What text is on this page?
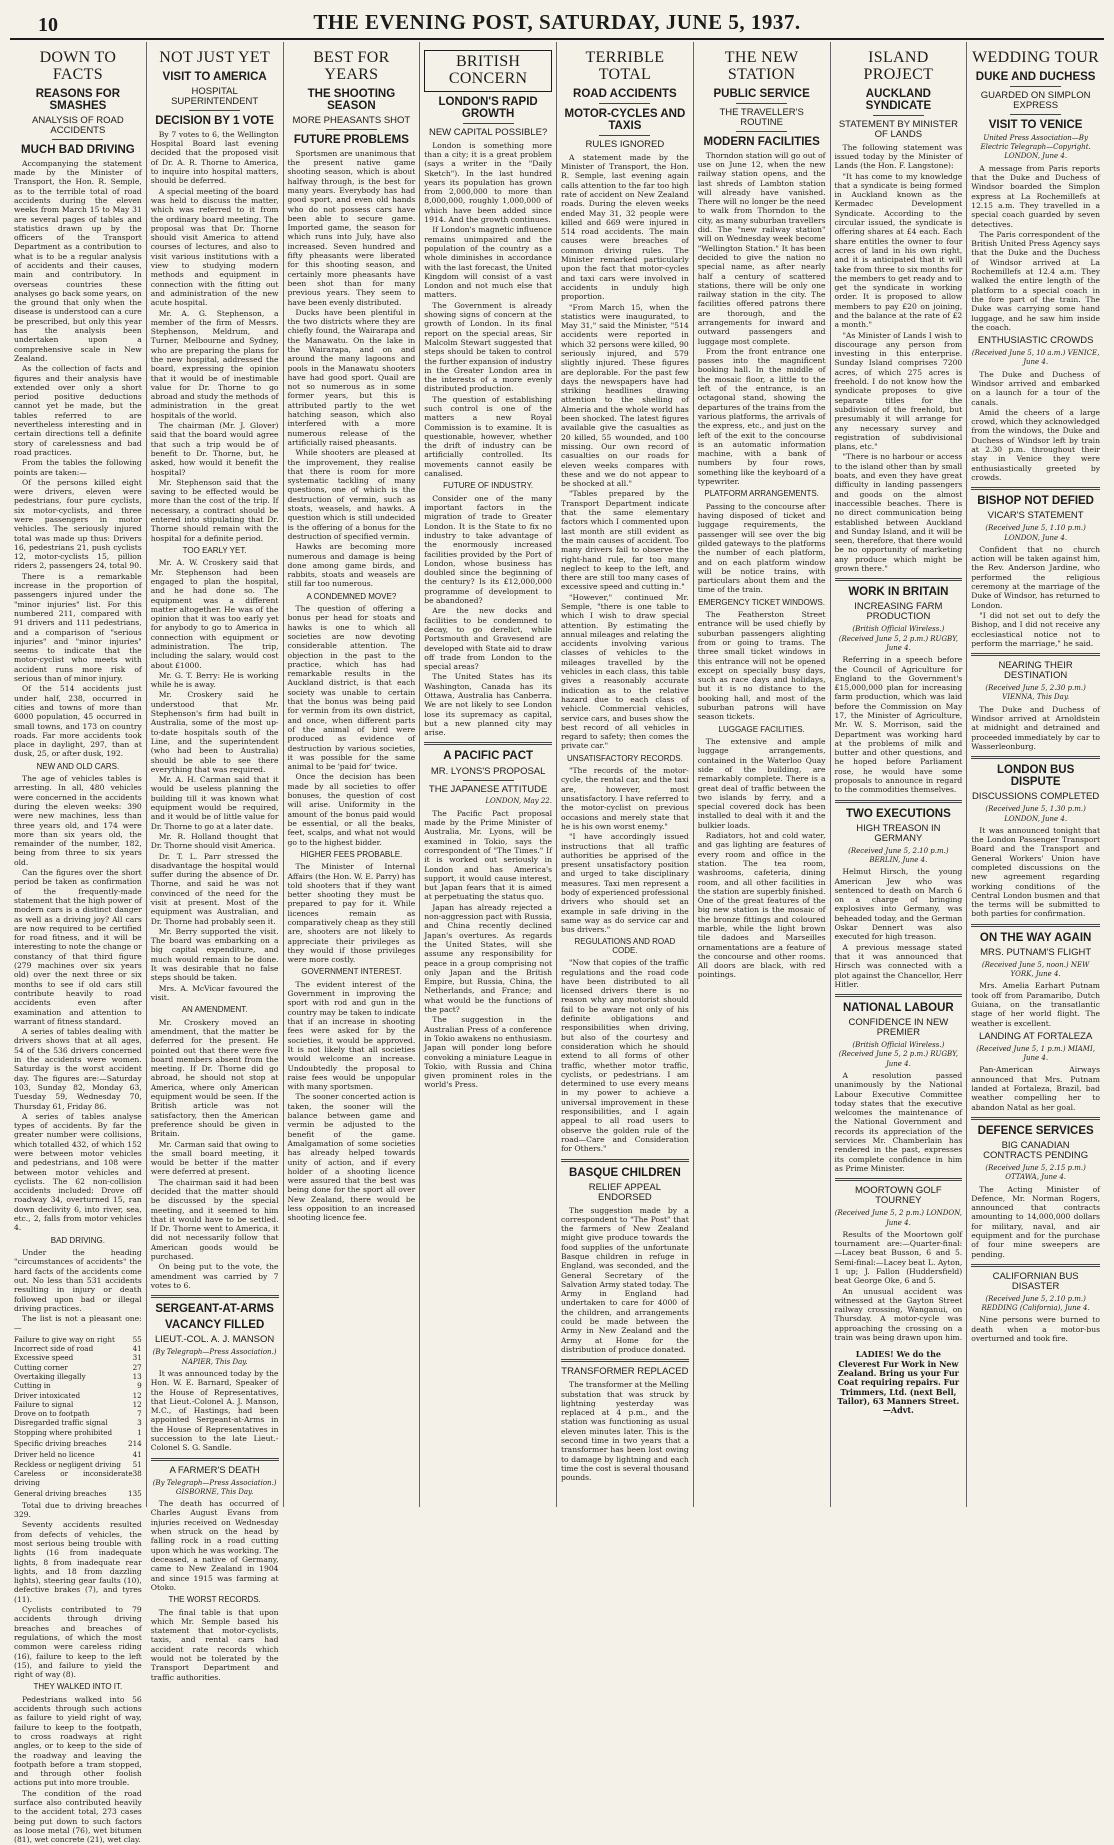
10	THE EVENING POST, SATURDAY, JUNE 5, 1937.
DOWN TO FACTS
REASONS FOR SMASHES
ANALYSIS OF ROAD ACCIDENTS
MUCH BAD DRIVING

Accompanying the statement made by the Minister of Transport, the Hon. R. Semple, as to the terrible total of road accidents during the eleven weeks from March 15 to May 31 are several pages of tables and statistics drawn up by the officers of the Transport Department as a contribution to what is to be a regular analysis of accidents and their causes, main and contributory. In overseas countries these analyses go back some years, on the ground that only when the disease is understood can a cure be prescribed, but only this year has the analysis been undertaken upon a comprehensive scale in New Zealand.

As the collection of facts and figures and their analysis have extended over only a short period positive deductions cannot yet be made, but the tables referred to are nevertheless interesting and in certain directions tell a definite story of carelessness and bad road practices.

From the tables the following points are taken:—

Of the persons killed eight were drivers, eleven were pedestrians, four pure cyclists, six motor-cyclists, and three were passengers in motor vehicles. The seriously injured total was made up thus: Drivers 16, pedestrians 21, push cyclists 12, motor-cyclists 15, pillion riders 2, passengers 24, total 90.

There is a remarkable increase in the proportion of passengers injured under the "minor injuries" list. For this numbered 211, compared with 91 drivers and 111 pedestrians, and a comparison of "serious injuries" and "minor injuries" seems to indicate that the motor-cyclist who meets with accident runs more risk of serious than of minor injury.

Of the 514 accidents just under half, 238, occurred in cities and towns of more than 6000 population, 45 occurred in small towns, and 173 on country roads. Far more accidents took place in daylight, 297, than at dusk, 25, or after dusk, 192.

NEW AND OLD CARS.

The age of vehicles tables is arresting. In all, 480 vehicles were concerned in the accidents during the eleven weeks: 390 were new machines, less than three years old, and 174 were more than six years old, the remainder of the number, 182, being from three to six years old.

Can the figures over the short period be taken as confirmation of the frequently-made statement that the high power of modern cars is a distinct danger as well as a driving joy? All cars are now required to be certified for road fitness, and it will be interesting to note the change or constancy of that third figure (279 machines over six years old) over the next three or six months to see if old cars still contribute heavily to road accidents even after examination and attention to warrant of fitness standard.

A series of tables dealing with drivers shows that at all ages, 54 of the 536 drivers concerned in the accidents were women. Saturday is the worst accident day. The figures are:—Saturday 103, Sunday 82, Monday 63, Tuesday 59, Wednesday 70, Thursday 61, Friday 86.

A series of tables analyse types of accidents. By far the greater number were collisions, which totalled 432, of which 152 were between motor vehicles and pedestrians, and 108 were between motor vehicles and cyclists. The 62 non-collision accidents included: Drove off roadway 34, overturned 15, ran down declivity 6, into river, sea, etc., 2, falls from motor vehicles 4.

BAD DRIVING.

Under the heading "circumstances of accidents" the hard facts of the accidents come out. No less than 531 accidents resulting in injury or death followed upon bad or illegal driving practices.

The list is not a pleasant one:—

Failure to give way on right 55
Incorrect side of road	41
Excessive speed	31
Cutting corner	27
Overtaking illegally	13
Cutting in	9
Driver intoxicated	12
Failure to signal	12
Drove on to footpath	7
Disregarded traffic signal	3
Stopping where prohibited	1
Specific driving breaches	214
Driver held no licence	41
Reckless or negligent driving 51
Careless or inconsiderate driving
38
General driving breaches	135

Total due to driving breaches 329.

Seventy accidents resulted from defects of vehicles, the most serious being trouble with lights (16 from inadequate lights, 8 from inadequate rear lights, and 18 from dazzling lights), steering gear faults (10), defective brakes (7), and tyres (11).

Cyclists contributed to 79 accidents through driving breaches and breaches of regulations, of which the most common were careless riding (16), failure to keep to the left (15), and failure to yield the right of way (8).

THEY WALKED INTO IT.

Pedestrians walked into 56 accidents through such actions as failure to yield right of way, failure to keep to the footpath, to cross roadways at right angles, or to keep to the side of the roadway and leaving the footpath before a tram stopped, and through other foolish actions put into more trouble.

The condition of the road surface also contributed heavily to the accident total, 273 cases being put down to such factors as loose metal (76), wet bitumen (81), wet concrete (21), wet clay.

NOT JUST YET
VISIT TO AMERICA
HOSPITAL SUPERINTENDENT
DECISION BY 1 VOTE

By 7 votes to 6, the Wellington Hospital Board last evening decided that the proposed visit of Dr. A. R. Thorne to America, to inquire into hospital matters, should be deferred.

A special meeting of the board was held to discuss the matter, which was referred to it from the ordinary board meeting. The proposal was that Dr. Thorne should visit America to attend courses of lectures, and also to visit various institutions with a view to studying modern methods and equipment in connection with the fitting out and administration of the new acute hospital.

Mr. A. G. Stephenson, a member of the firm of Messrs. Stephenson, Meldrum, and Turner, Melbourne and Sydney, who are preparing the plans for the new hospital, addressed the board, expressing the opinion that it would be of inestimable value for Dr. Thorne to go abroad and study the methods of administration in the great hospitals of the world.

The chairman (Mr. J. Glover) said that the board would agree that such a trip would be of benefit to Dr. Thorne, but, he asked, how would it benefit the hospital?

Mr. Stephenson said that the saving to be effected would be more than the cost of the trip. If necessary, a contract should be entered into stipulating that Dr. Thorne should remain with the hospital for a definite period.

TOO EARLY YET.

Mr. A. W. Croskery said that Mr. Stephenson had been engaged to plan the hospital, and he had done so. The equipment was a different matter altogether. He was of the opinion that it was too early yet for anybody to go to America in connection with equipment or administration. The trip, including the salary, would cost about £1000.

Mr. G. T. Berry: He is working while he is away.

Mr. Croskery said he understood that Mr. Stephenson's firm had built in Australia, some of the most up-to-date hospitals south of the Line, and the superintendent (who had been to Australia) should be able to see there everything that was required.

Mr. A. H. Carman said that it would be useless planning the building till it was known what equipment would be required, and it would be of little value for Dr. Thorne to go at a later date.

Mr. R. Holland thought that Dr. Thorne should visit America.

Dr. T. L. Parr stressed the disadvantage the hospital would suffer during the absence of Dr. Thorne, and said he was not convinced of the need for the visit at present. Most of the equipment was Australian, and Dr. Thorne had probably seen it.

Mr. Berry supported the visit. The board was embarking on a big capital expenditure, and much would remain to be done. It was desirable that no false steps should be taken.

Mrs. A. McVicar favoured the visit.

AN AMENDMENT.

Mr. Croskery moved an amendment, that the matter be deferred for the present. He pointed out that there were five board members absent from the meeting. If Dr. Thorne did go abroad, he should not stop at America, where only American equipment would be seen. If the British article was not satisfactory, then the American preference should be given in Britain.

Mr. Carman said that owing to the small board meeting, it would be better if the matter were deferred at present.

The chairman said it had been decided that the matter should be discussed by the special meeting, and it seemed to him that it would have to be settled. If Dr. Thorne went to America, it did not necessarily follow that American goods would be purchased.

On being put to the vote, the amendment was carried by 7 votes to 6.

SERGEANT-AT-ARMS
VACANCY FILLED
LIEUT.-COL. A. J. MANSON
(By Telegraph—Press Association.) NAPIER, This Day.

It was announced today by the Hon. W. E. Barnard, Speaker of the House of Representatives, that Lieut.-Colonel A. J. Manson, M.C., of Hastings, had been appointed Sergeant-at-Arms in the House of Representatives in succession to the late Lieut.-Colonel S. G. Sandle.

A FARMER'S DEATH
(By Telegraph—Press Association.) GISBORNE, This Day.

The death has occurred of Charles August Evans from injuries received on Wednesday when struck on the head by falling rock in a road cutting upon which he was working. The deceased, a native of Germany, came to New Zealand in 1904 and since 1915 was farming at Otoko.

THE WORST RECORDS.

The final table is that upon which Mr. Semple based his statement that motor-cyclists, taxis, and rental cars had accident rate records which would not be tolerated by the Transport Department and traffic authorities.

BEST FOR YEARS
THE SHOOTING SEASON
MORE PHEASANTS SHOT
FUTURE PROBLEMS

Sportsmen are unanimous that the present native game shooting season, which is about halfway through, is the best for many years. Everybody has had good sport, and even old hands who do not possess cars have been able to secure game. Imported game, the season for which runs into July, have also increased. Seven hundred and fifty pheasants were liberated for this shooting season, and certainly more pheasants have been shot than for many previous years. They seem to have been evenly distributed.

Ducks have been plentiful in the two districts where they are chiefly found, the Wairarapa and the Manawatu. On the lake in the Wairarapa, and on and around the many lagoons and pools in the Manawatu shooters have had good sport. Quail are not so numerous as in some former years, but this is attributed partly to the wet hatching season, which also interfered with a more numerous release of the artificially raised pheasants.

While shooters are pleased at the improvement, they realise that there is room for more systematic tackling of many questions, one of which is the destruction of vermin, such as stoats, weasels, and hawks. A question which is still undecided is the offering of a bonus for the destruction of specified vermin.

Hawks are becoming more numerous and damage is being done among game birds, and rabbits, stoats and weasels are still far too numerous.

A CONDEMNED MOVE?

The question of offering a bonus per head for stoats and hawks is one to which all societies are now devoting considerable attention. The objection in the past to the practice, which has had remarkable results in the Auckland district, is that each society was unable to certain that the bonus was being paid for vermin from its own district, and once, when different parts of the animal of bird were produced as evidence of destruction by various societies, it was possible for the same animal to be 'paid for' twice.

Once the decision has been made by all societies to offer bonuses, the question of cost will arise. Uniformity in the amount of the bonus paid would be essential, or all the beaks, feet, scalps, and what not would go to the highest bidder.

HIGHER FEES PROBABLE.

The Minister of Internal Affairs (the Hon. W. E. Parry) has told shooters that if they want better shooting they must be prepared to pay for it. While licences remain as comparatively cheap as they still are, shooters are not likely to appreciate their privileges as they would if those privileges were more costly.

GOVERNMENT INTEREST.

The evident interest of the Government in improving the sport with rod and gun in the country may be taken to indicate that if an increase in shooting fees were asked for by the societies, it would be approved. It is not likely that all societies would welcome an increase. Undoubtedly the proposal to raise fees would be unpopular with many sportsmen.

The sooner concerted action is taken, the sooner will the balance between game and vermin be adjusted to the benefit of the game. Amalgamation of some societies has already helped towards unity of action, and if every holder of a shooting licence were assured that the best was being done for the sport all over New Zealand, there would be less opposition to an increased shooting licence fee.

BRITISH CONCERN
LONDON'S RAPID GROWTH
NEW CAPITAL POSSIBLE?

London is something more than a city; it is a great problem (says a writer in the "Daily Sketch"). In the last hundred years its population has grown from 2,000,000 to more than 8,000,000, roughly 1,000,000 of which have been added since 1914. And the growth continues.

If London's magnetic influence remains unimpaired and the population of the country as a whole diminishes in accordance with the last forecast, the United Kingdom will consist of a vast London and not much else that matters.

The Government is already showing signs of concern at the growth of London. In its final report on the special areas, Sir Malcolm Stewart suggested that steps should be taken to control the further expansion of industry in the Greater London area in the interests of a more evenly distributed production.

The question of establishing such control is one of the matters a new Royal Commission is to examine. It is questionable, however, whether the drift of industry can be artificially controlled. Its movements cannot easily be canalised.

FUTURE OF INDUSTRY.

Consider one of the many important factors in the migration of trade to Greater London. It is the State to fix no industry to take advantage of the enormously increased facilities provided by the Port of London, whose business has doubled since the beginning of the century? Is its £12,000,000 programme of development to be abandoned?

Are the new docks and facilities to be condemned to decay, to go derelict, while Portsmouth and Gravesend are developed with State aid to draw off trade from London to the special areas?

The United States has its Washington, Canada has its Ottawa, Australia has Canberra. We are not likely to see London lose its supremacy as capital, but a new planned city may arise.

A PACIFIC PACT
MR. LYONS'S PROPOSAL
THE JAPANESE ATTITUDE
LONDON, May 22.

The Pacific Pact proposal made by the Prime Minister of Australia, Mr. Lyons, will be examined in Tokio, says the correspondent of "The Times." If it is worked out seriously in London and has America's support, it would cause interest, but Japan fears that it is aimed at perpetuating the status quo.

Japan has already rejected a non-aggression pact with Russia, and China recently declined Japan's overtures. As regards the United States, will she assume any responsibility for peace in a group comprising not only Japan and the British Empire, but Russia, China, the Netherlands, and France; and what would be the functions of the pact?

The suggestion in the Australian Press of a conference in Tokio awakens no enthusiasm. Japan will ponder long before convoking a miniature League in Tokio, with Russia and China given prominent roles in the world's Press.

TERRIBLE TOTAL
ROAD ACCIDENTS
MOTOR-CYCLES AND TAXIS
RULES IGNORED

A statement made by the Minister of Transport, the Hon. R. Semple, last evening again calls attention to the far too high rate of accident on New Zealand roads. During the eleven weeks ended May 31, 32 people were killed and 669 were injured in 514 road accidents. The main causes were breaches of common driving rules. The Minister remarked particularly upon the fact that motor-cycles and taxi cars were involved in accidents in unduly high proportion.

"From March 15, when the statistics were inaugurated, to May 31," said the Minister, "514 accidents were reported in which 32 persons were killed, 90 seriously injured, and 579 slightly injured. These figures are deplorable. For the past few days the newspapers have had striking headlines drawing attention to the shelling of Almeria and the whole world has been shocked. The latest figures available give the casualties as 20 killed, 55 wounded, and 100 missing. Our own record of casualties on our roads for eleven weeks compares with these and we do not appear to be shocked at all."

"Tables prepared by the Transport Department indicate that the same elementary factors which I commented upon last month are still evident as the main causes of accident. Too many drivers fail to observe the right-hand rule, far too many neglect to keep to the left, and there are still too many cases of excessive speed and cutting in."

"However," continued Mr. Semple, "there is one table to which I wish to draw special attention. By estimating the annual mileages and relating the accidents involving various classes of vehicles to the mileages travelled by the vehicles in each class, this table gives a reasonably accurate indication as to the relative hazard due to each class of vehicle. Commercial vehicles, service cars, and buses show the best record of all vehicles in regard to safety; then comes the private car."

UNSATISFACTORY RECORDS.

"The records of the motor-cycle, the rental car, and the taxi are, however, most unsatisfactory. I have referred to the motor-cyclist on previous occasions and merely state that he is his own worst enemy."

"I have accordingly issued instructions that all traffic authorities be apprised of the present unsatisfactory position and urged to take disciplinary measures. Taxi men represent a body of experienced professional drivers who should set an example in safe driving in the same way as do service car and bus drivers."

REGULATIONS AND ROAD CODE.

"Now that copies of the traffic regulations and the road code have been distributed to all licensed drivers there is no reason why any motorist should fail to be aware not only of his definite obligations and responsibilities when driving, but also of the courtesy and consideration which he should extend to all forms of other traffic, whether motor traffic, cyclists, or pedestrians. I am determined to use every means in my power to achieve a universal improvement in these responsibilities, and I again appeal to all road users to observe the golden rule of the road—Care and Consideration for Others."

BASQUE CHILDREN
RELIEF APPEAL ENDORSED

The suggestion made by a correspondent to "The Post" that the farmers of New Zealand might give produce towards the food supplies of the unfortunate Basque children in refuge in England, was seconded, and the General Secretary of the Salvation Army stated today. The Army in England had undertaken to care for 4000 of the children, and arrangements could be made between the Army in New Zealand and the Army at Home for the distribution of produce donated.

TRANSFORMER REPLACED

The transformer at the Melling substation that was struck by lightning yesterday was replaced at 4 p.m., and the station was functioning as usual eleven minutes later. This is the second time in two years that a transformer has been lost owing to damage by lightning and each time the cost is several thousand pounds.

THE NEW STATION
PUBLIC SERVICE
THE TRAVELLER'S ROUTINE
MODERN FACILITIES

Thorndon station will go out of use on June 12, when the new railway station opens, and the last shreds of Lambton station will already have vanished. There will no longer be the need to walk from Thorndon to the city, as many suburban travellers did. The "new railway station" will on Wednesday week become "Wellington Station." It has been decided to give the nation no special name, as after nearly half a century of scattered stations, there will be only one railway station in the city. The facilities offered patrons there are thorough, and the arrangements for inward and outward passengers and luggage most complete.

From the front entrance one passes into the magnificent booking hall. In the middle of the mosaic floor, a little to the left of the entrance, is an octagonal stand, showing the departures of the trains from the various platforms, the arrivals of the express, etc., and just on the left of the exit to the concourse is an automatic information machine, with a bank of numbers by four rows, something like the keyboard of a typewriter.

PLATFORM ARRANGEMENTS.

Passing to the concourse after having disposed of ticket and luggage requirements, the passenger will see over the big gilded gateways to the platforms the number of each platform, and on each platform window will be notice trains, with particulars about them and the time of the train.

EMERGENCY TICKET WINDOWS.

The Featherston Street entrance will be used chiefly by suburban passengers alighting from or going to trams. The three small ticket windows in this entrance will not be opened except on specially busy days, such as race days and holidays, but it is no distance to the booking hall, and most of the suburban patrons will have season tickets.

LUGGAGE FACILITIES.

The extensive and ample luggage arrangements, contained in the Waterloo Quay side of the building, are remarkably complete. There is a great deal of traffic between the two islands by ferry, and a special covered dock has been installed to deal with it and the bulkier loads.

Radiators, hot and cold water, and gas lighting are features of every room and office in the station. The tea room, washrooms, cafeteria, dining room, and all other facilities in the station are superbly finished. One of the great features of the big new station is the mosaic of the bronze fittings and coloured marble, while the light brown tile dadoes and Marseilles ornamentations are a feature of the concourse and other rooms. All doors are black, with red pointings.

ISLAND PROJECT
AUCKLAND SYNDICATE
STATEMENT BY MINISTER OF LANDS

The following statement was issued today by the Minister of Lands (the Hon. F. Langstone):

"It has come to my knowledge that a syndicate is being formed in Auckland known as the Kermadec Development Syndicate. According to the circular issued, the syndicate is offering shares at £4 each. Each share entitles the owner to four acres of land in his own right, and it is anticipated that it will take from three to six months for the members to get ready and to get the syndicate in working order. It is proposed to allow members to pay £20 on joining, and the balance at the rate of £2 a month."

"As Minister of Lands I wish to discourage any person from investing in this enterprise. Sunday Island comprises 7200 acres, of which 275 acres is freehold. I do not know how the syndicate proposes to give separate titles for the subdivision of the freehold, but presumably it will arrange for any necessary survey and registration of subdivisional plans, etc."

"There is no harbour or access to the island other than by small boats, and even they have great difficulty in landing passengers and goods on the almost inaccessible beaches. There is no direct communication being established between Auckland and Sunday Island, and it will be seen, therefore, that there would be no opportunity of marketing any produce which might be grown there."

WORK IN BRITAIN
INCREASING FARM PRODUCTION
(British Official Wireless.) (Received June 5, 2 p.m.) RUGBY, June 4.

Referring in a speech before the Council of Agriculture for England to the Government's £15,000,000 plan for increasing farm production, which was laid before the Commission on May 17, the Minister of Agriculture, Mr. W. S. Morrison, said the Department was working hard at the problems of milk and butter and other questions, and he hoped before Parliament rose, he would have some proposals to announce in regard to the commodities themselves.

TWO EXECUTIONS
HIGH TREASON IN GERMANY
(Received June 5, 2.10 p.m.) BERLIN, June 4.

Helmut Hirsch, the young American Jew who was sentenced to death on March 6 on a charge of bringing explosives into Germany, was beheaded today, and the German Oskar Dennert was also executed for high treason.

A previous message stated that it was announced that Hirsch was connected with a plot against the Chancellor, Herr Hitler.

NATIONAL LABOUR
CONFIDENCE IN NEW PREMIER
(British Official Wireless.) (Received June 5, 2 p.m.) RUGBY, June 4.

A resolution passed unanimously by the National Labour Executive Committee today states that the executive welcomes the maintenance of the National Government and records its appreciation of the services Mr. Chamberlain has rendered in the past, expresses its complete confidence in him as Prime Minister.

MOORTOWN GOLF TOURNEY
(Received June 5, 2 p.m.) LONDON, June 4.

Results of the Moortown golf tournament are:—Quarter-final:—Lacey beat Busson, 6 and 5. Semi-final:—Lacey beat L. Ayton, 1 up; J. Fallon (Huddersfield) beat George Oke, 6 and 5.

An unusual accident was witnessed at the Gayton Street railway crossing, Wanganui, on Thursday. A motor-cycle was approaching the crossing on a train was being drawn upon him.

LADIES! We do the Cleverest Fur Work in New Zealand. Bring us your Fur Coat requiring repairs. Fur Trimmers, Ltd. (next Bell, Tailor), 63 Manners Street.—Advt.
WEDDING TOUR
DUKE AND DUCHESS
GUARDED ON SIMPLON EXPRESS
VISIT TO VENICE
United Press Association—By Electric Telegraph—Copyright. LONDON, June 4.

A message from Paris reports that the Duke and Duchess of Windsor boarded the Simplon express at La Rochemillefs at 12.15 a.m. They travelled in a special coach guarded by seven detectives.

The Paris correspondent of the British United Press Agency says that the Duke and the Duchess of Windsor arrived at La Rochemillefs at 12.4 a.m. They walked the entire length of the platform to a special coach in the fore part of the train. The Duke was carrying some hand luggage, and he saw him inside the coach.

ENTHUSIASTIC CROWDS
(Received June 5, 10 a.m.) VENICE, June 4.

The Duke and Duchess of Windsor arrived and embarked on a launch for a tour of the canals.

Amid the cheers of a large crowd, which they acknowledged from the windows, the Duke and Duchess of Windsor left by train at 2.30 p.m. throughout their stay in Venice they were enthusiastically greeted by crowds.

BISHOP NOT DEFIED
VICAR'S STATEMENT
(Received June 5, 1.10 p.m.) LONDON, June 4.

Confident that no church action will be taken against him, the Rev. Anderson Jardine, who performed the religious ceremony at the marriage of the Duke of Windsor, has returned to London.

"I did not set out to defy the Bishop, and I did not receive any ecclesiastical notice not to perform the marriage," he said.

NEARING THEIR DESTINATION
(Received June 5, 2.30 p.m.) VIENNA, This Day.

The Duke and Duchess of Windsor arrived at Arnoldstein at midnight and detrained and proceeded immediately by car to Wasserleonburg.

LONDON BUS DISPUTE
DISCUSSIONS COMPLETED
(Received June 5, 1.30 p.m.) LONDON, June 4.

It was announced tonight that the London Passenger Transport Board and the Transport and General Workers' Union have completed discussions on the new agreement regarding working conditions of the Central London busmen and that the terms will be submitted to both parties for confirmation.

ON THE WAY AGAIN
MRS. PUTNAM'S FLIGHT
(Received June 5, noon.) NEW YORK, June 4.

Mrs. Amelia Earhart Putnam took off from Paramaribo, Dutch Guiana, on the transatlantic stage of her world flight. The weather is excellent.

LANDING AT FORTALEZA
(Received June 5, 1 p.m.) MIAMI, June 4.

Pan-American Airways announced that Mrs. Putnam landed at Fortaleza, Brazil, bad weather compelling her to abandon Natal as her goal.

DEFENCE SERVICES
BIG CANADIAN CONTRACTS PENDING
(Received June 5, 2.15 p.m.) OTTAWA, June 4.

The Acting Minister of Defence, Mr. Norman Rogers, announced that contracts amounting to 14,000,000 dollars for military, naval, and air equipment and for the purchase of four mine sweepers are pending.

CALIFORNIAN BUS DISASTER
(Received June 5, 2.10 p.m.) REDDING (California), June 4.

Nine persons were burned to death when a motor-bus overturned and took fire.
